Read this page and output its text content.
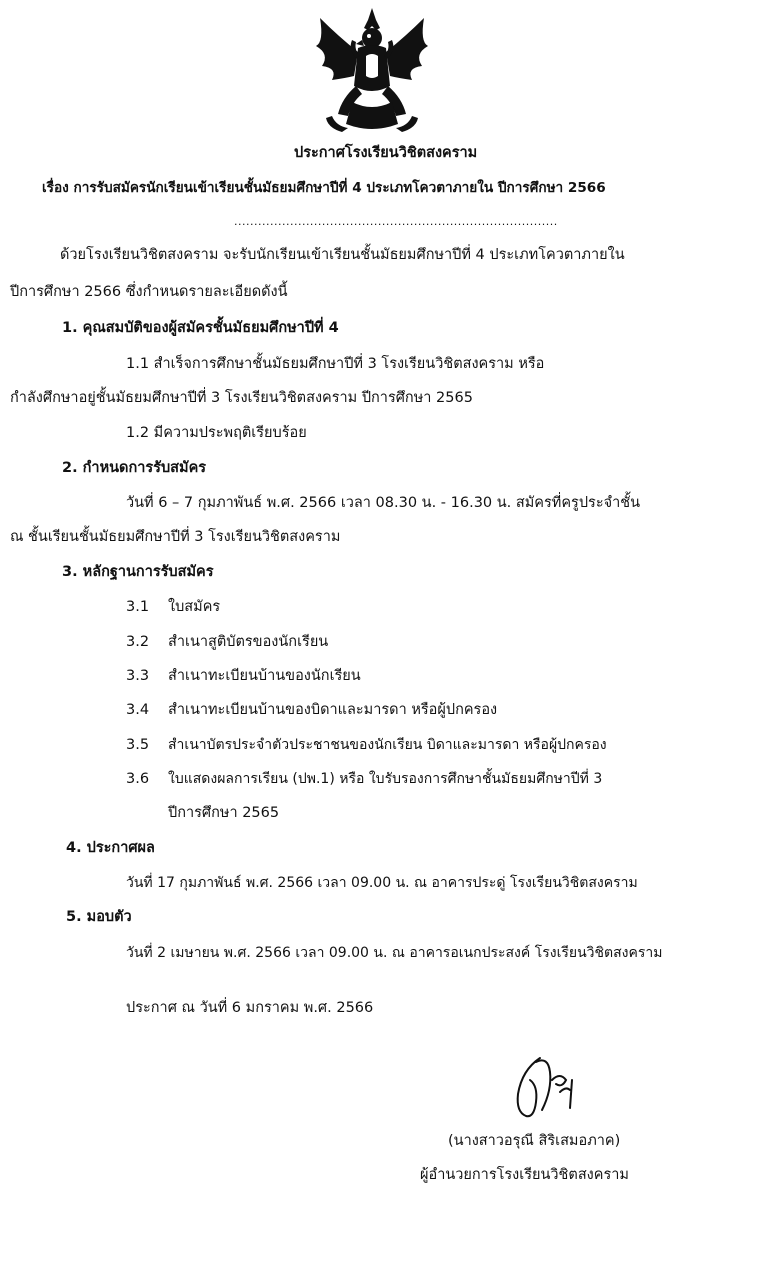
ประกาศโรงเรียนวิชิตสงคราม
เรื่อง การรับสมัครนักเรียนเข้าเรียนชั้นมัธยมศึกษาปีที่ 4 ประเภทโควตาภายใน ปีการศึกษา 2566
.................................................................................
ด้วยโรงเรียนวิชิตสงคราม จะรับนักเรียนเข้าเรียนชั้นมัธยมศึกษาปีที่ 4 ประเภทโควตาภายใน
ปีการศึกษา 2566 ซึ่งกำหนดรายละเอียดดังนี้
1. คุณสมบัติของผู้สมัครชั้นมัธยมศึกษาปีที่ 4
1.1 สำเร็จการศึกษาชั้นมัธยมศึกษาปีที่ 3 โรงเรียนวิชิตสงคราม หรือ
กำลังศึกษาอยู่ชั้นมัธยมศึกษาปีที่ 3 โรงเรียนวิชิตสงคราม ปีการศึกษา 2565
1.2 มีความประพฤติเรียบร้อย
2. กำหนดการรับสมัคร
วันที่ 6 – 7 กุมภาพันธ์ พ.ศ. 2566 เวลา 08.30 น. - 16.30 น. สมัครที่ครูประจำชั้น
ณ ชั้นเรียนชั้นมัธยมศึกษาปีที่ 3 โรงเรียนวิชิตสงคราม
3. หลักฐานการรับสมัคร
3.1 ใบสมัคร
3.2 สำเนาสูติบัตรของนักเรียน
3.3 สำเนาทะเบียนบ้านของนักเรียน
3.4 สำเนาทะเบียนบ้านของบิดาและมารดา หรือผู้ปกครอง
3.5 สำเนาบัตรประจำตัวประชาชนของนักเรียน บิดาและมารดา หรือผู้ปกครอง
3.6 ใบแสดงผลการเรียน (ปพ.1) หรือ ใบรับรองการศึกษาชั้นมัธยมศึกษาปีที่ 3
ปีการศึกษา 2565
4. ประกาศผล
วันที่ 17 กุมภาพันธ์ พ.ศ. 2566 เวลา 09.00 น. ณ อาคารประดู่ โรงเรียนวิชิตสงคราม
5. มอบตัว
วันที่ 2 เมษายน พ.ศ. 2566 เวลา 09.00 น. ณ อาคารอเนกประสงค์ โรงเรียนวิชิตสงคราม
ประกาศ ณ วันที่ 6 มกราคม พ.ศ. 2566
(นางสาวอรุณี สิริเสมอภาค)
ผู้อำนวยการโรงเรียนวิชิตสงคราม
